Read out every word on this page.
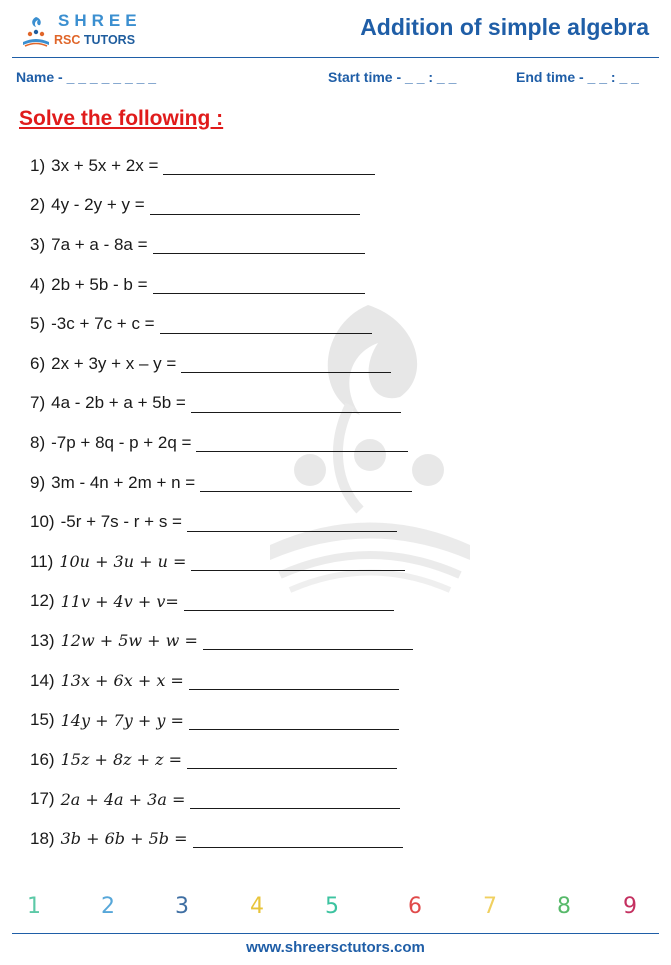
SHREE
RSC TUTORS	Addition of simple algebra
Name - _ _ _ _ _ _ _ _	Start time - _ _ : _ _	End time - _ _ : _ _
Solve the following :
1) 3x + 5x + 2x =
2) 4y - 2y + y =
3) 7a + a - 8a =
4) 2b + 5b - b =
5) -3c + 7c + c =
6) 2x + 3y + x – y =
7) 4a - 2b + a + 5b =
8) -7p + 8q - p + 2q =
9) 3m - 4n + 2m + n =
10) -5r + 7s - r + s =
11) 10u + 3u + u =
12) 11v + 4v + v=
13) 12w + 5w + w =
14) 13x + 6x + x =
15) 14y + 7y + y =
16) 15z + 8z + z =
17) 2a + 4a + 3a =
18) 3b + 6b + 5b =
1	2	3	4	5	6	7	8 9
www.shreersctutors.com
